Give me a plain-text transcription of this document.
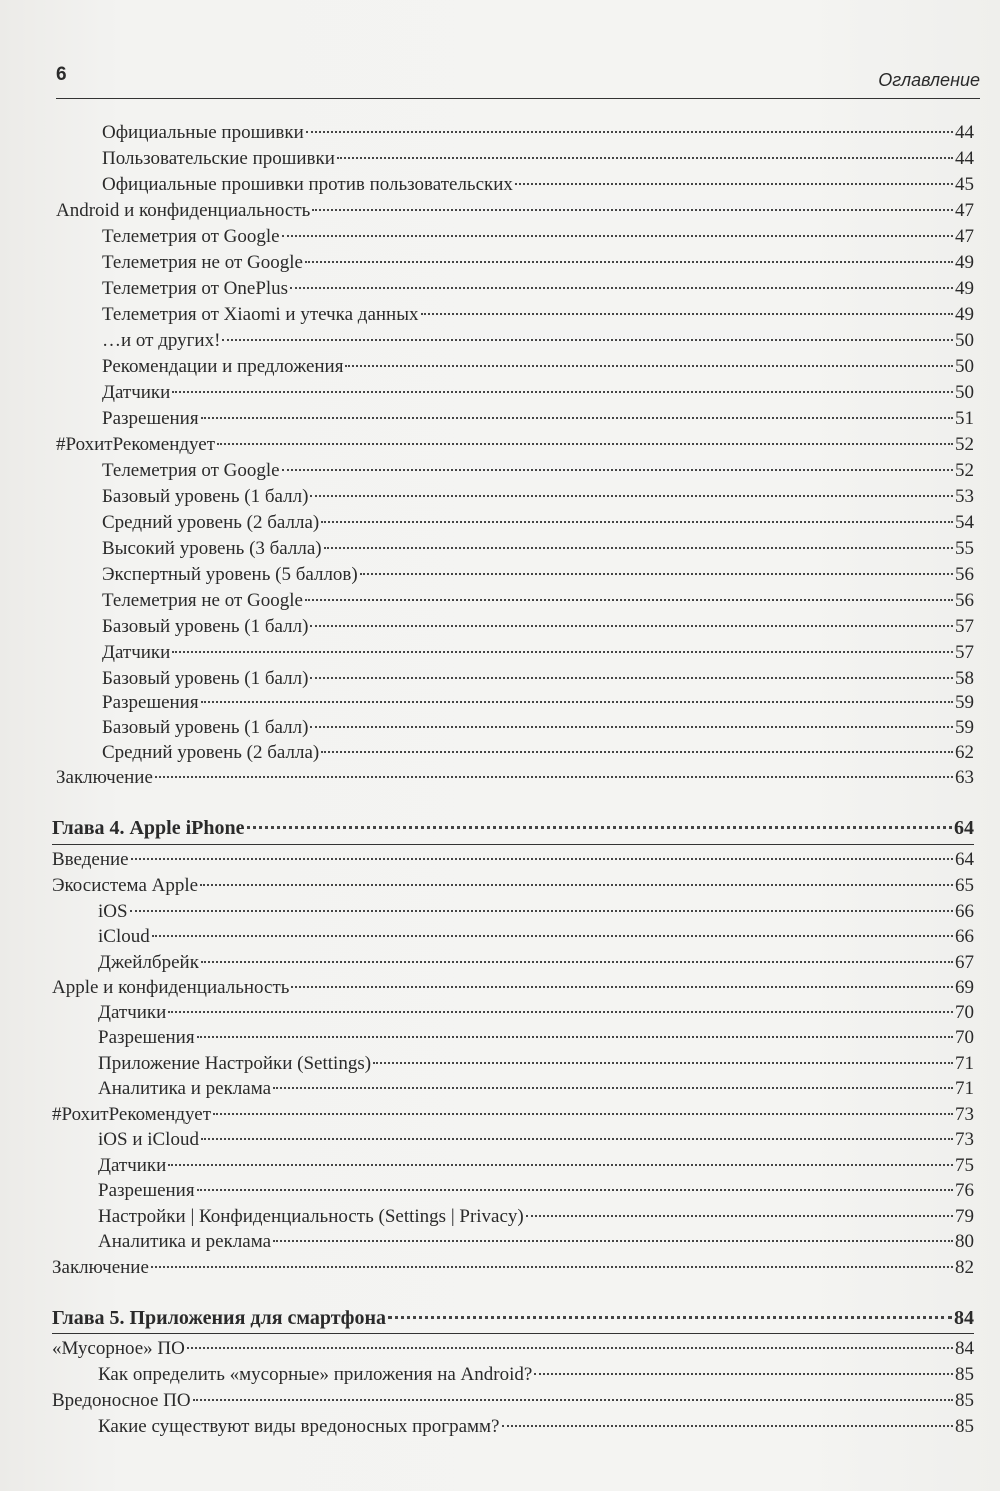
6	Оглавление
Официальные прошивки	44
Пользовательские прошивки	44
Официальные прошивки против пользовательских	45
Android и конфиденциальность	47
Телеметрия от Google	47
Телеметрия не от Google	49
Телеметрия от OnePlus	49
Телеметрия от Xiaomi и утечка данных	49
…и от других!	50
Рекомендации и предложения	50
Датчики	50
Разрешения	51
#РохитРекомендует	52
Телеметрия от Google	52
Базовый уровень (1 балл)	53
Средний уровень (2 балла)	54
Высокий уровень (3 балла)	55
Экспертный уровень (5 баллов)	56
Телеметрия не от Google	56
Базовый уровень (1 балл)	57
Датчики	57
Базовый уровень (1 балл)	58
Разрешения	59
Базовый уровень (1 балл)	59
Средний уровень (2 балла)	62
Заключение	63
Глава 4. Apple iPhone	64
Введение	64
Экосистема Apple	65
iOS	66
iCloud	66
Джейлбрейк	67
Apple и конфиденциальность	69
Датчики	70
Разрешения	70
Приложение Настройки (Settings)	71
Аналитика и реклама	71
#РохитРекомендует	73
iOS и iCloud	73
Датчики	75
Разрешения	76
Настройки | Конфиденциальность (Settings | Privacy)	79
Аналитика и реклама	80
Заключение	82
Глава 5. Приложения для смартфона	84
«Мусорное» ПО	84
Как определить «мусорные» приложения на Android?	85
Вредоносное ПО	85
Какие существуют виды вредоносных программ?	85
